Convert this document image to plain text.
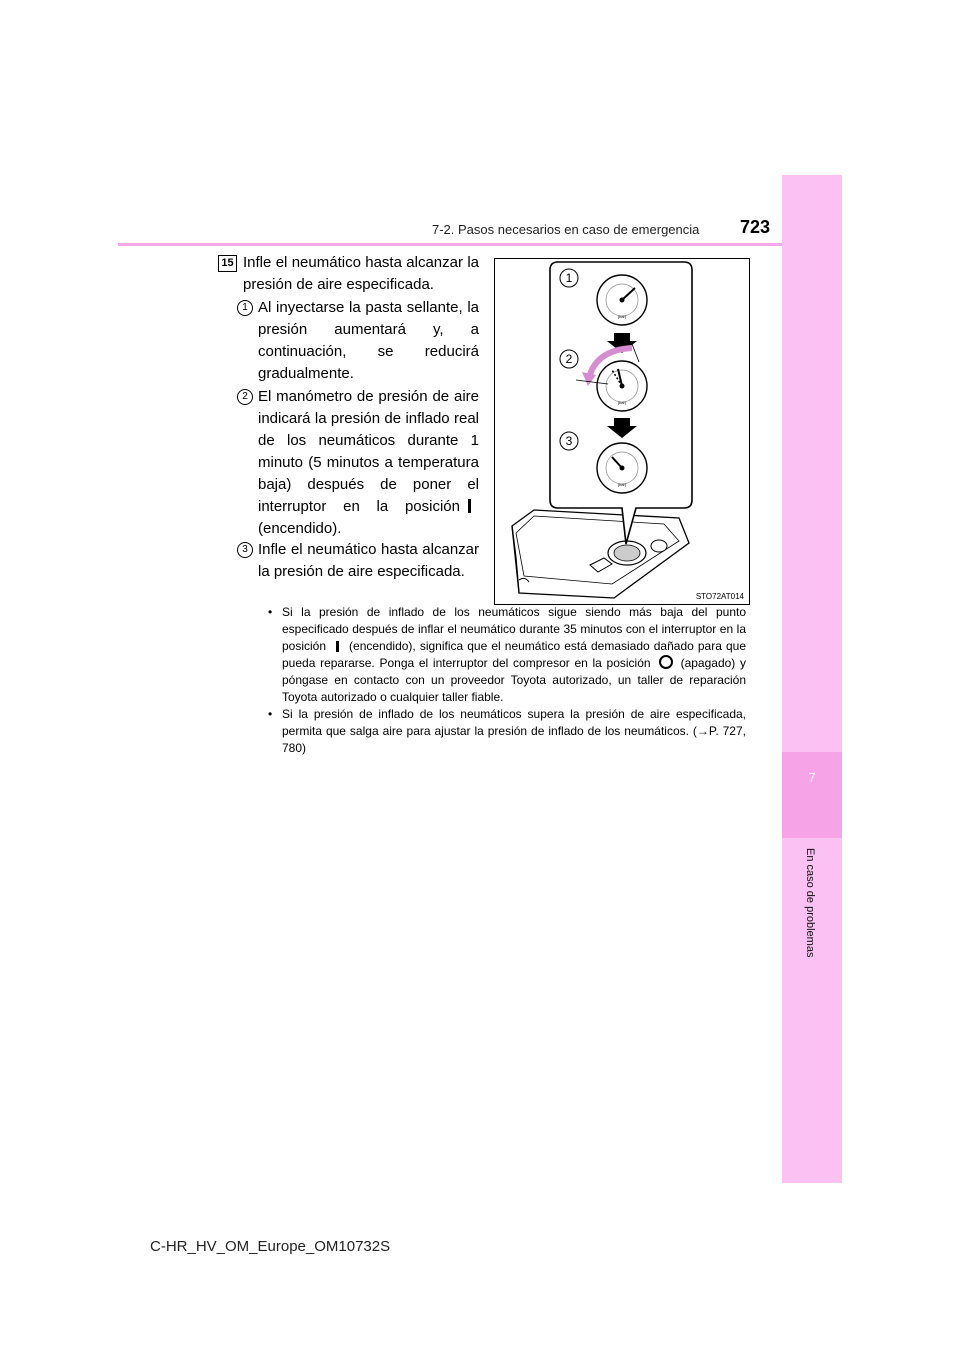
7-2. Pasos necesarios en caso de emergencia 723
7
En caso de problemas
15 Infle el neumático hasta alcanzar la presión de aire especificada.
1 Al inyectarse la pasta sellante, la presión aumentará y, a continuación, se reducirá gradualmente.
2 El manómetro de presión de aire indicará la presión de inflado real de los neumáticos durante 1 minuto (5 minutos a temperatura baja) después de poner el interruptor en la posición(encendido).
3 Infle el neumático hasta alcanzar la presión de aire especificada.
• Si la presión de inflado de los neumáticos sigue siendo más baja del punto especificado después de inflar el neumático durante 35 minutos con el interruptor en la posición (encendido), significa que el neumático está demasiado dañado para que pueda repararse. Ponga el interruptor del compresor en la posición	(apagado) y póngase en contacto con un proveedor Toyota autorizado, un taller de reparación Toyota autorizado o cualquier taller fiable.
• Si la presión de inflado de los neumáticos supera la presión de aire especificada, permita que salga aire para ajustar la presión de inflado de los neumáticos. (→P. 727, 780)
(bar)
(bar)
(bar)
1
2
3
STO72AT014
C-HR_HV_OM_Europe_OM10732S
